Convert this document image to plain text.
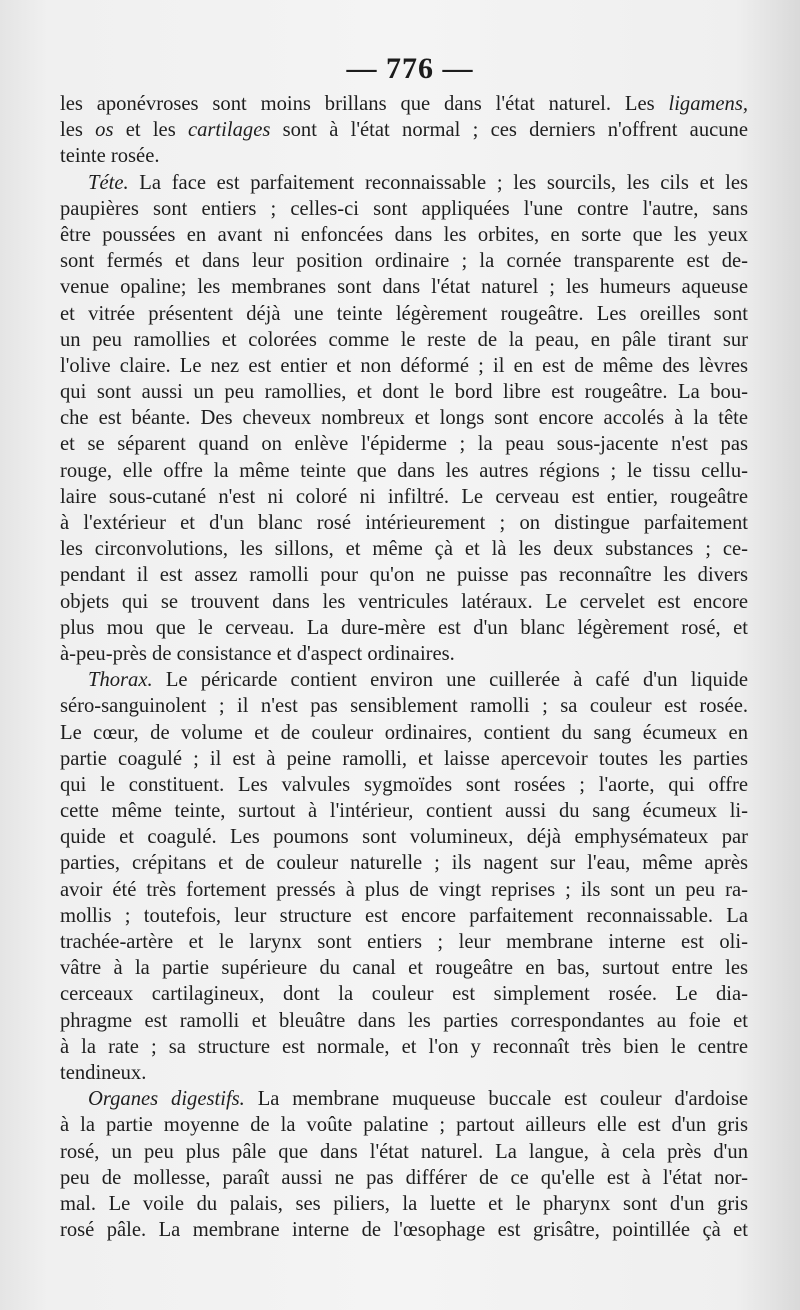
— 776 —
les aponévroses sont moins brillans que dans l'état naturel. Les ligamens,
les os et les cartilages sont à l'état normal ; ces derniers n'offrent aucune
teinte rosée.
Téte. La face est parfaitement reconnaissable ; les sourcils, les cils et les
paupières sont entiers ; celles-ci sont appliquées l'une contre l'autre, sans
être poussées en avant ni enfoncées dans les orbites, en sorte que les yeux
sont fermés et dans leur position ordinaire ; la cornée transparente est de-
venue opaline; les membranes sont dans l'état naturel ; les humeurs aqueuse
et vitrée présentent déjà une teinte légèrement rougeâtre. Les oreilles sont
un peu ramollies et colorées comme le reste de la peau, en pâle tirant sur
l'olive claire. Le nez est entier et non déformé ; il en est de même des lèvres
qui sont aussi un peu ramollies, et dont le bord libre est rougeâtre. La bou-
che est béante. Des cheveux nombreux et longs sont encore accolés à la tête
et se séparent quand on enlève l'épiderme ; la peau sous-jacente n'est pas
rouge, elle offre la même teinte que dans les autres régions ; le tissu cellu-
laire sous-cutané n'est ni coloré ni infiltré. Le cerveau est entier, rougeâtre
à l'extérieur et d'un blanc rosé intérieurement ; on distingue parfaitement
les circonvolutions, les sillons, et même çà et là les deux substances ; ce-
pendant il est assez ramolli pour qu'on ne puisse pas reconnaître les divers
objets qui se trouvent dans les ventricules latéraux. Le cervelet est encore
plus mou que le cerveau. La dure-mère est d'un blanc légèrement rosé, et
à-peu-près de consistance et d'aspect ordinaires.
Thorax. Le péricarde contient environ une cuillerée à café d'un liquide
séro-sanguinolent ; il n'est pas sensiblement ramolli ; sa couleur est rosée.
Le cœur, de volume et de couleur ordinaires, contient du sang écumeux en
partie coagulé ; il est à peine ramolli, et laisse apercevoir toutes les parties
qui le constituent. Les valvules sygmoïdes sont rosées ; l'aorte, qui offre
cette même teinte, surtout à l'intérieur, contient aussi du sang écumeux li-
quide et coagulé. Les poumons sont volumineux, déjà emphysémateux par
parties, crépitans et de couleur naturelle ; ils nagent sur l'eau, même après
avoir été très fortement pressés à plus de vingt reprises ; ils sont un peu ra-
mollis ; toutefois, leur structure est encore parfaitement reconnaissable. La
trachée-artère et le larynx sont entiers ; leur membrane interne est oli-
vâtre à la partie supérieure du canal et rougeâtre en bas, surtout entre les
cerceaux cartilagineux, dont la couleur est simplement rosée. Le dia-
phragme est ramolli et bleuâtre dans les parties correspondantes au foie et
à la rate ; sa structure est normale, et l'on y reconnaît très bien le centre
tendineux.
Organes digestifs. La membrane muqueuse buccale est couleur d'ardoise
à la partie moyenne de la voûte palatine ; partout ailleurs elle est d'un gris
rosé, un peu plus pâle que dans l'état naturel. La langue, à cela près d'un
peu de mollesse, paraît aussi ne pas différer de ce qu'elle est à l'état nor-
mal. Le voile du palais, ses piliers, la luette et le pharynx sont d'un gris
rosé pâle. La membrane interne de l'œsophage est grisâtre, pointillée çà et
